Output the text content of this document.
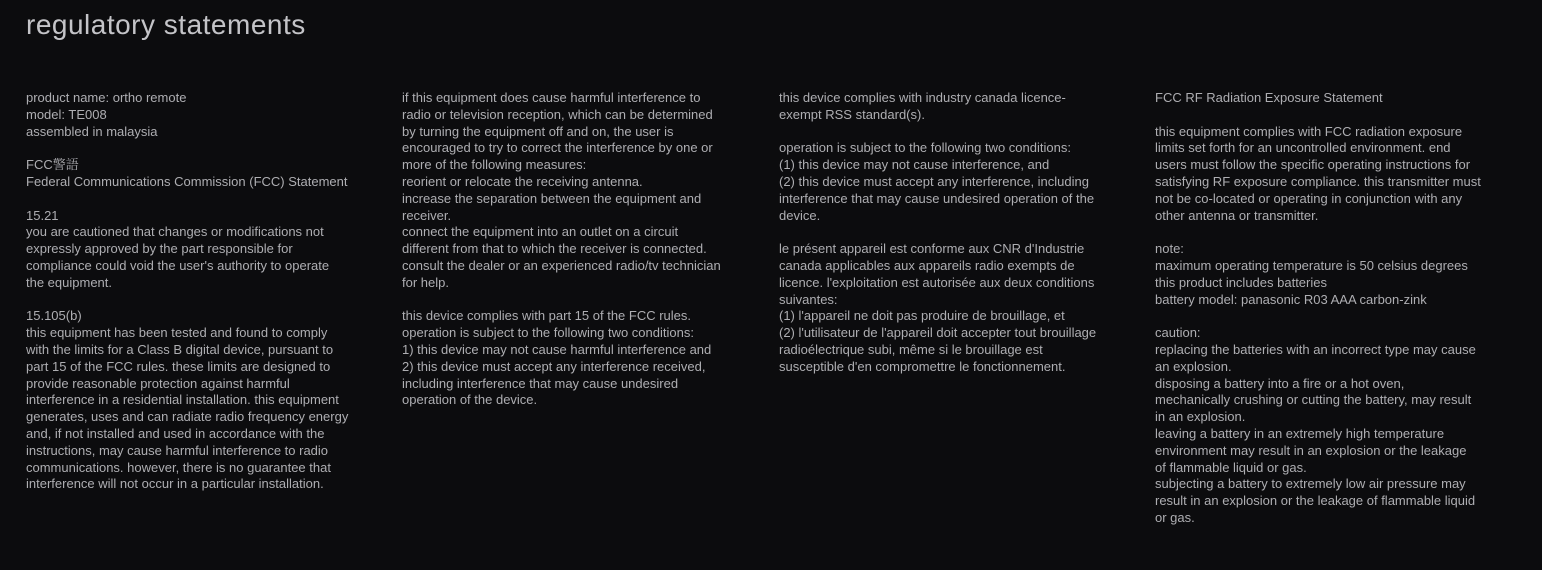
regulatory statements

product name: ortho remote
model: TE008
assembled in malaysia

FCC警語
Federal Communications Commission (FCC) Statement

15.21
you are cautioned that changes or modifications not
expressly approved by the part responsible for
compliance could void the user's authority to operate
the equipment.

15.105(b)
this equipment has been tested and found to comply
with the limits for a Class B digital device, pursuant to
part 15 of the FCC rules. these limits are designed to
provide reasonable protection against harmful
interference in a residential installation. this equipment
generates, uses and can radiate radio frequency energy
and, if not installed and used in accordance with the
instructions, may cause harmful interference to radio
communications. however, there is no guarantee that
interference will not occur in a particular installation.

if this equipment does cause harmful interference to
radio or television reception, which can be determined
by turning the equipment off and on, the user is
encouraged to try to correct the interference by one or
more of the following measures:
reorient or relocate the receiving antenna.
increase the separation between the equipment and
receiver.
connect the equipment into an outlet on a circuit
different from that to which the receiver is connected.
consult the dealer or an experienced radio/tv technician
for help.

this device complies with part 15 of the FCC rules.
operation is subject to the following two conditions:
1) this device may not cause harmful interference and
2) this device must accept any interference received,
including interference that may cause undesired
operation of the device.

this device complies with industry canada licence-
exempt RSS standard(s).

operation is subject to the following two conditions:
(1) this device may not cause interference, and
(2) this device must accept any interference, including
interference that may cause undesired operation of the
device.

le présent appareil est conforme aux CNR d'Industrie
canada applicables aux appareils radio exempts de
licence. l'exploitation est autorisée aux deux conditions
suivantes:
(1) l'appareil ne doit pas produire de brouillage, et
(2) l'utilisateur de l'appareil doit accepter tout brouillage
radioélectrique subi, même si le brouillage est
susceptible d'en compromettre le fonctionnement.

FCC RF Radiation Exposure Statement

this equipment complies with FCC radiation exposure
limits set forth for an uncontrolled environment. end
users must follow the specific operating instructions for
satisfying RF exposure compliance. this transmitter must
not be co-located or operating in conjunction with any
other antenna or transmitter.

note:
maximum operating temperature is 50 celsius degrees
this product includes batteries
battery model: panasonic R03 AAA carbon-zink

caution:
replacing the batteries with an incorrect type may cause
an explosion.
disposing a battery into a fire or a hot oven,
mechanically crushing or cutting the battery, may result
in an explosion.
leaving a battery in an extremely high temperature
environment may result in an explosion or the leakage
of flammable liquid or gas.
subjecting a battery to extremely low air pressure may
result in an explosion or the leakage of flammable liquid
or gas.
